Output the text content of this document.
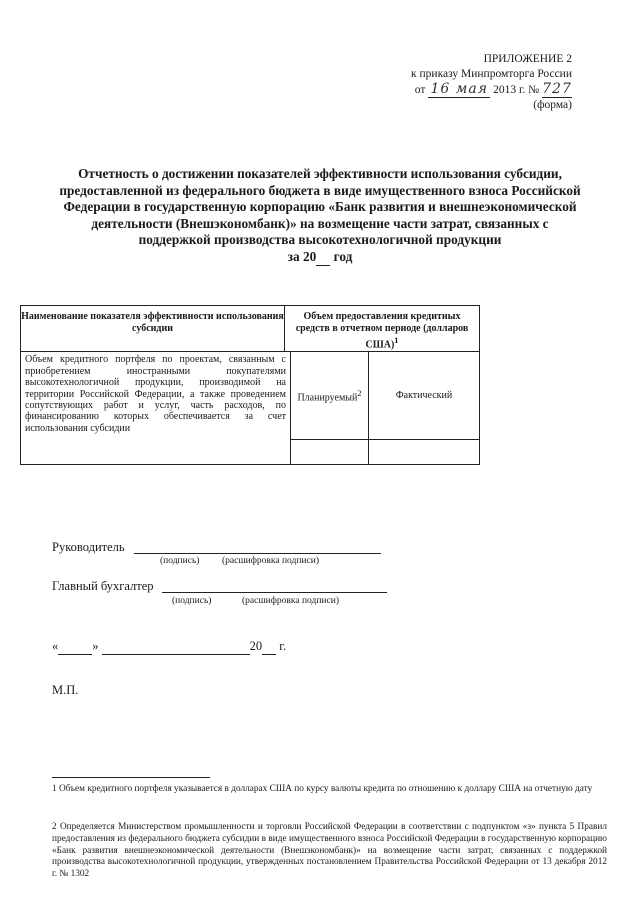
ПРИЛОЖЕНИЕ 2
к приказу Минпромторга России
от 16 мая 2013 г. № 727
(форма)
Отчетность о достижении показателей эффективности использования субсидии,
предоставленной из федерального бюджета в виде имущественного взноса Российской
Федерации в государственную корпорацию «Банк развития и внешнеэкономической
деятельности (Внешэкономбанк)» на возмещение части затрат, связанных с
поддержкой производства высокотехнологичной продукции
за 20 год
Наименование показателя эффективности использования субсидии	Объем предоставления кредитных средств в отчетном периоде (долларов США)$^1$
Объем кредитного портфеля по проектам, связанным с приобретением иностранными покупателями высокотехнологичной продукции, производимой на территории Российской Федерации, а также проведением сопутствующих работ и услуг, часть расходов, по финансированию которых обеспечивается за счет использования субсидии		Планируемый$^2$	Фактический

Руководитель
(подпись) (расшифровка подписи)
Главный бухгалтер
(подпись)	(расшифровка подписи)
«	»	20 г.
М.П.
1 Объем кредитного портфеля указывается в долларах США по курсу валюты кредита по отношению к доллару США на отчетную дату
2 Определяется Министерством промышленности и торговли Российской Федерации в соответствии с подпунктом «з» пункта 5 Правил предоставления из федерального бюджета субсидии в виде имущественного взноса Российской Федерации в государственную корпорацию «Банк развития внешнеэкономической деятельности (Внешэкономбанк)» на возмещение части затрат, связанных с поддержкой производства высокотехнологичной продукции, утвержденных постановлением Правительства Российской Федерации от 13 декабря 2012 г. № 1302
